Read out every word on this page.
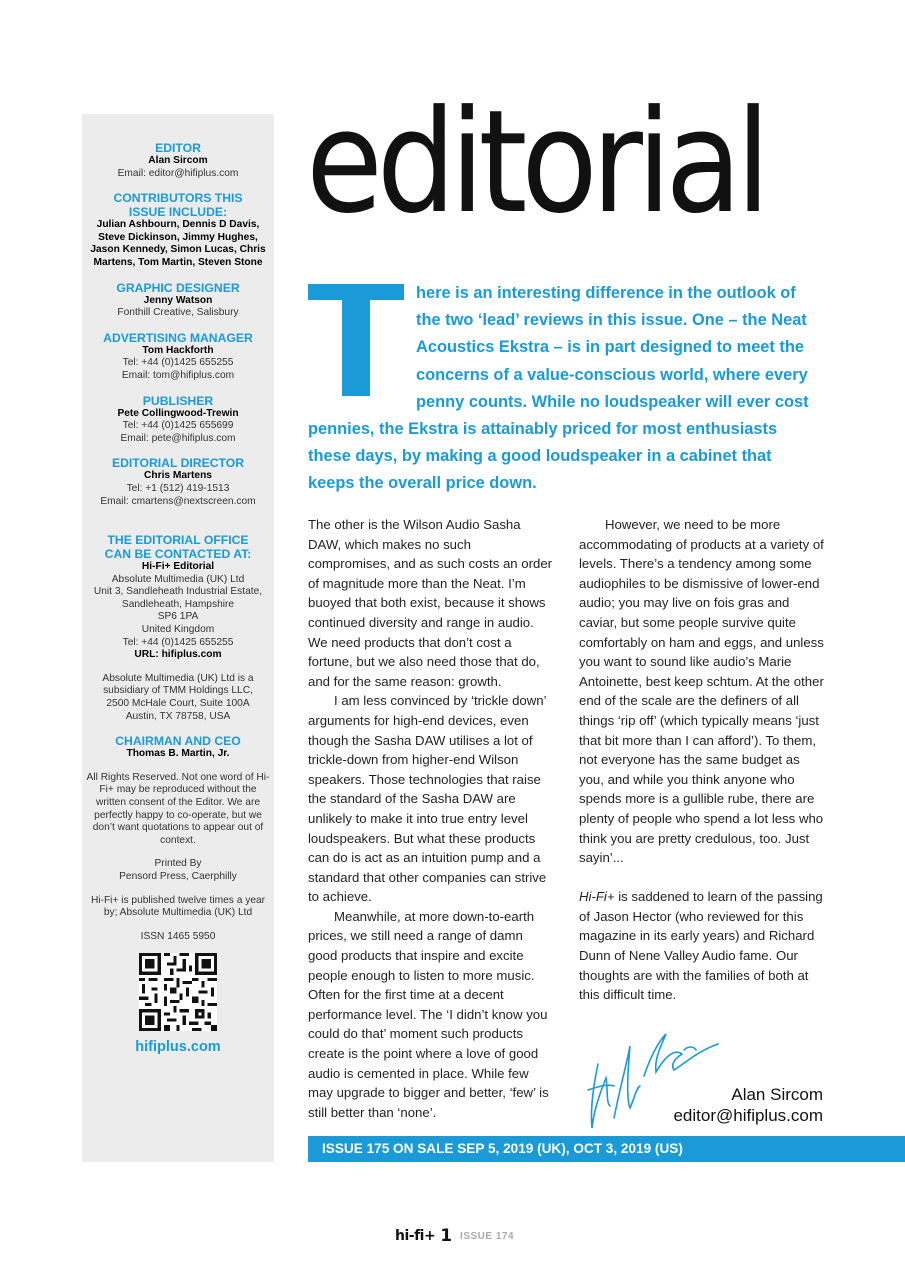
EDITOR
Alan Sircom
Email: editor@hifiplus.com
CONTRIBUTORS THIS ISSUE INCLUDE:
Julian Ashbourn, Dennis D Davis, Steve Dickinson, Jimmy Hughes, Jason Kennedy, Simon Lucas, Chris Martens, Tom Martin, Steven Stone
GRAPHIC DESIGNER
Jenny Watson
Fonthill Creative, Salisbury
ADVERTISING MANAGER
Tom Hackforth
Tel: +44 (0)1425 655255
Email: tom@hifiplus.com
PUBLISHER
Pete Collingwood-Trewin
Tel: +44 (0)1425 655699
Email: pete@hifiplus.com
EDITORIAL DIRECTOR
Chris Martens
Tel: +1 (512) 419-1513
Email: cmartens@nextscreen.com
THE EDITORIAL OFFICE CAN BE CONTACTED AT:
Hi-Fi+ Editorial
Absolute Multimedia (UK) Ltd
Unit 3, Sandleheath Industrial Estate,
Sandleheath, Hampshire
SP6 1PA
United Kingdom
Tel: +44 (0)1425 655255
URL: hifiplus.com
Absolute Multimedia (UK) Ltd is a subsidiary of TMM Holdings LLC, 2500 McHale Court, Suite 100A Austin, TX 78758, USA
CHAIRMAN AND CEO
Thomas B. Martin, Jr.
All Rights Reserved. Not one word of Hi-Fi+ may be reproduced without the written consent of the Editor. We are perfectly happy to co-operate, but we don’t want quotations to appear out of context.
Printed By
Pensord Press, Caerphilly
Hi-Fi+ is published twelve times a year by; Absolute Multimedia (UK) Ltd
ISSN 1465 5950
hifiplus.com
editorial
here is an interesting difference in the outlook of the two ‘lead’ reviews in this issue. One – the Neat Acoustics Ekstra – is in part designed to meet the concerns of a value-conscious world, where every penny counts. While no loudspeaker will ever cost pennies, the Ekstra is attainably priced for most enthusiasts these days, by making a good loudspeaker in a cabinet that keeps the overall price down.

The other is the Wilson Audio Sasha DAW, which makes no such compromises, and as such costs an order of magnitude more than the Neat. I’m buoyed that both exist, because it shows continued diversity and range in audio. We need products that don’t cost a fortune, but we also need those that do, and for the same reason: growth.

I am less convinced by ‘trickle down’ arguments for high-end devices, even though the Sasha DAW utilises a lot of trickle-down from higher-end Wilson speakers. Those technologies that raise the standard of the Sasha DAW are unlikely to make it into true entry level loudspeakers. But what these products can do is act as an intuition pump and a standard that other companies can strive to achieve.

Meanwhile, at more down-to-earth prices, we still need a range of damn good products that inspire and excite people enough to listen to more music. Often for the first time at a decent performance level. The ‘I didn’t know you could do that’ moment such products create is the point where a love of good audio is cemented in place. While few may upgrade to bigger and better, ‘few’ is still better than ‘none’.

However, we need to be more accommodating of products at a variety of levels. There’s a tendency among some audiophiles to be dismissive of lower-end audio; you may live on fois gras and caviar, but some people survive quite comfortably on ham and eggs, and unless you want to sound like audio’s Marie Antoinette, best keep schtum. At the other end of the scale are the definers of all things ‘rip off’ (which typically means ‘just that bit more than I can afford’). To them, not everyone has the same budget as you, and while you think anyone who spends more is a gullible rube, there are plenty of people who spend a lot less who think you are pretty credulous, too. Just sayin’...

Hi-Fi+ is saddened to learn of the passing of Jason Hector (who reviewed for this magazine in its early years) and Richard Dunn of Nene Valley Audio fame. Our thoughts are with the families of both at this difficult time.

Alan Sircom
editor@hifiplus.com
ISSUE 175 ON SALE SEP 5, 2019 (UK), OCT 3, 2019 (US)
hi-fi+ 1 ISSUE 174
